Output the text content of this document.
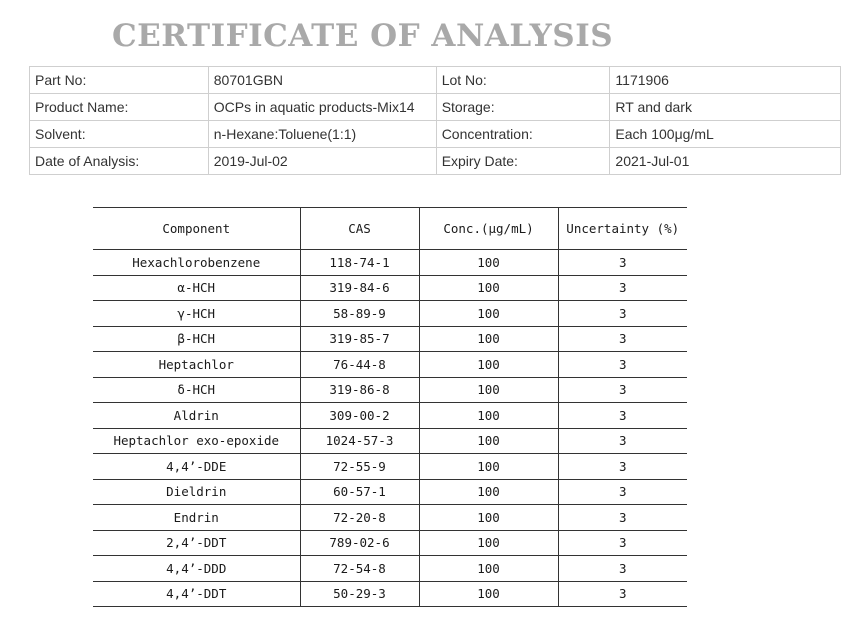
CERTIFICATE OF ANALYSIS
Part No:	80701GBN	Lot No:	1171906
Product Name:	OCPs in aquatic products-Mix14	Storage:	RT and dark
Solvent:	n-Hexane:Toluene(1:1)	Concentration:	Each 100μg/mL
Date of Analysis:	2019-Jul-02	Expiry Date:	2021-Jul-01
Component	CAS	Conc.(μg/mL)	Uncertainty (%)
Hexachlorobenzene	118-74-1	100	3
α-HCH	319-84-6	100	3
γ-HCH	58-89-9	100	3
β-HCH	319-85-7	100	3
Heptachlor	76-44-8	100	3
δ-HCH	319-86-8	100	3
Aldrin	309-00-2	100	3
Heptachlor exo-epoxide	1024-57-3	100	3
4,4’-DDE	72-55-9	100	3
Dieldrin	60-57-1	100	3
Endrin	72-20-8	100	3
2,4’-DDT	789-02-6	100	3
4,4’-DDD	72-54-8	100	3
4,4’-DDT	50-29-3	100	3
